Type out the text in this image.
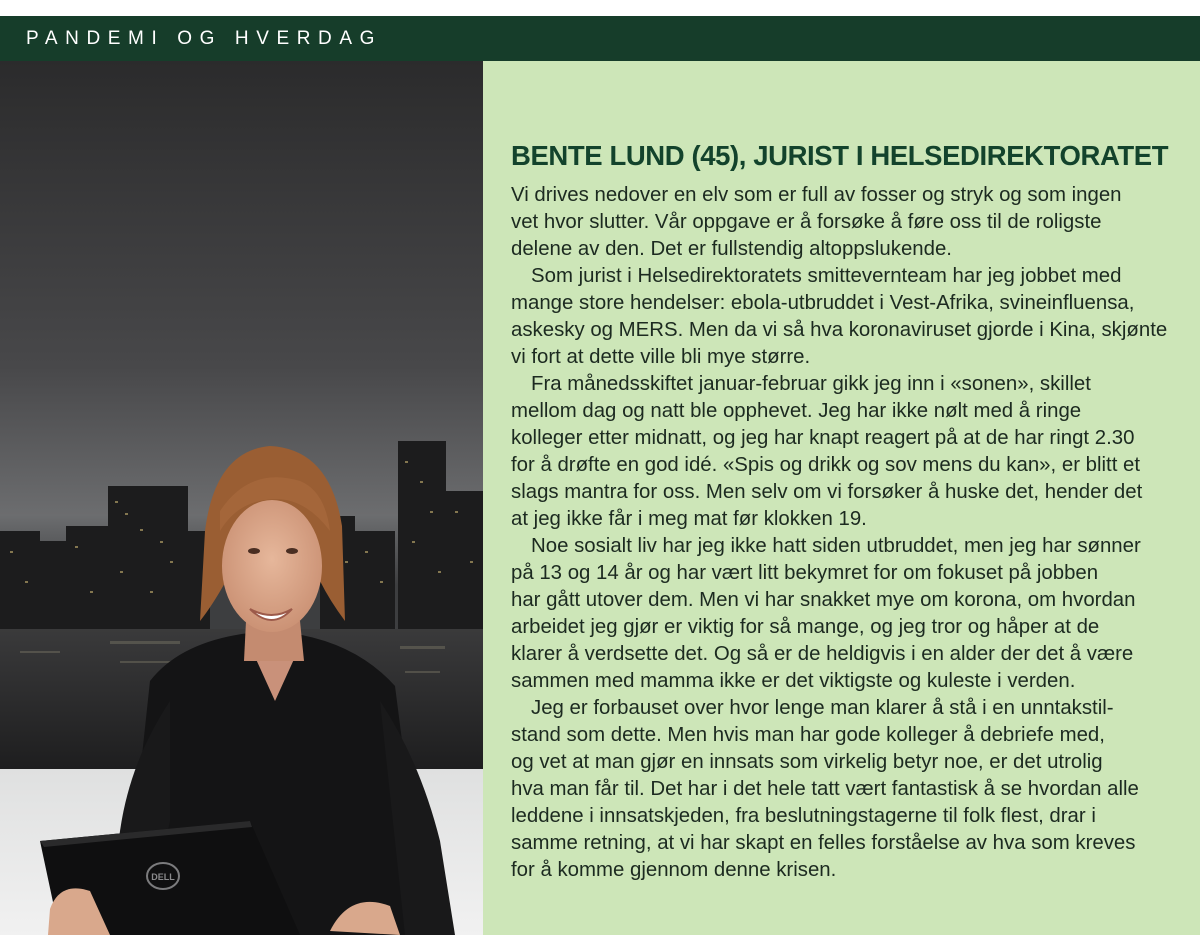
PANDEMI OG HVERDAG
DELL
BENTE LUND (45), JURIST I HELSEDIREKTORATET
Vi drives nedover en elv som er full av fosser og stryk og som ingen
vet hvor slutter. Vår oppgave er å forsøke å føre oss til de roligste
delene av den. Det er fullstendig altoppslukende.
Som jurist i Helsedirektoratets smittevernteam har jeg jobbet med
mange store hendelser: ebola-utbruddet i Vest-Afrika, svineinfluensa,
askesky og MERS. Men da vi så hva koronaviruset gjorde i Kina, skjønte
vi fort at dette ville bli mye større.
Fra månedsskiftet januar-februar gikk jeg inn i «sonen», skillet
mellom dag og natt ble opphevet. Jeg har ikke nølt med å ringe
kolleger etter midnatt, og jeg har knapt reagert på at de har ringt 2.30
for å drøfte en god idé. «Spis og drikk og sov mens du kan», er blitt et
slags mantra for oss. Men selv om vi forsøker å huske det, hender det
at jeg ikke får i meg mat før klokken 19.
Noe sosialt liv har jeg ikke hatt siden utbruddet, men jeg har sønner
på 13 og 14 år og har vært litt bekymret for om fokuset på jobben
har gått utover dem. Men vi har snakket mye om korona, om hvordan
arbeidet jeg gjør er viktig for så mange, og jeg tror og håper at de
klarer å verdsette det. Og så er de heldigvis i en alder der det å være
sammen med mamma ikke er det viktigste og kuleste i verden.
Jeg er forbauset over hvor lenge man klarer å stå i en unntakstil-
stand som dette. Men hvis man har gode kolleger å debriefe med,
og vet at man gjør en innsats som virkelig betyr noe, er det utrolig
hva man får til. Det har i det hele tatt vært fantastisk å se hvordan alle
leddene i innsatskjeden, fra beslutningstagerne til folk flest, drar i
samme retning, at vi har skapt en felles forståelse av hva som kreves
for å komme gjennom denne krisen.
